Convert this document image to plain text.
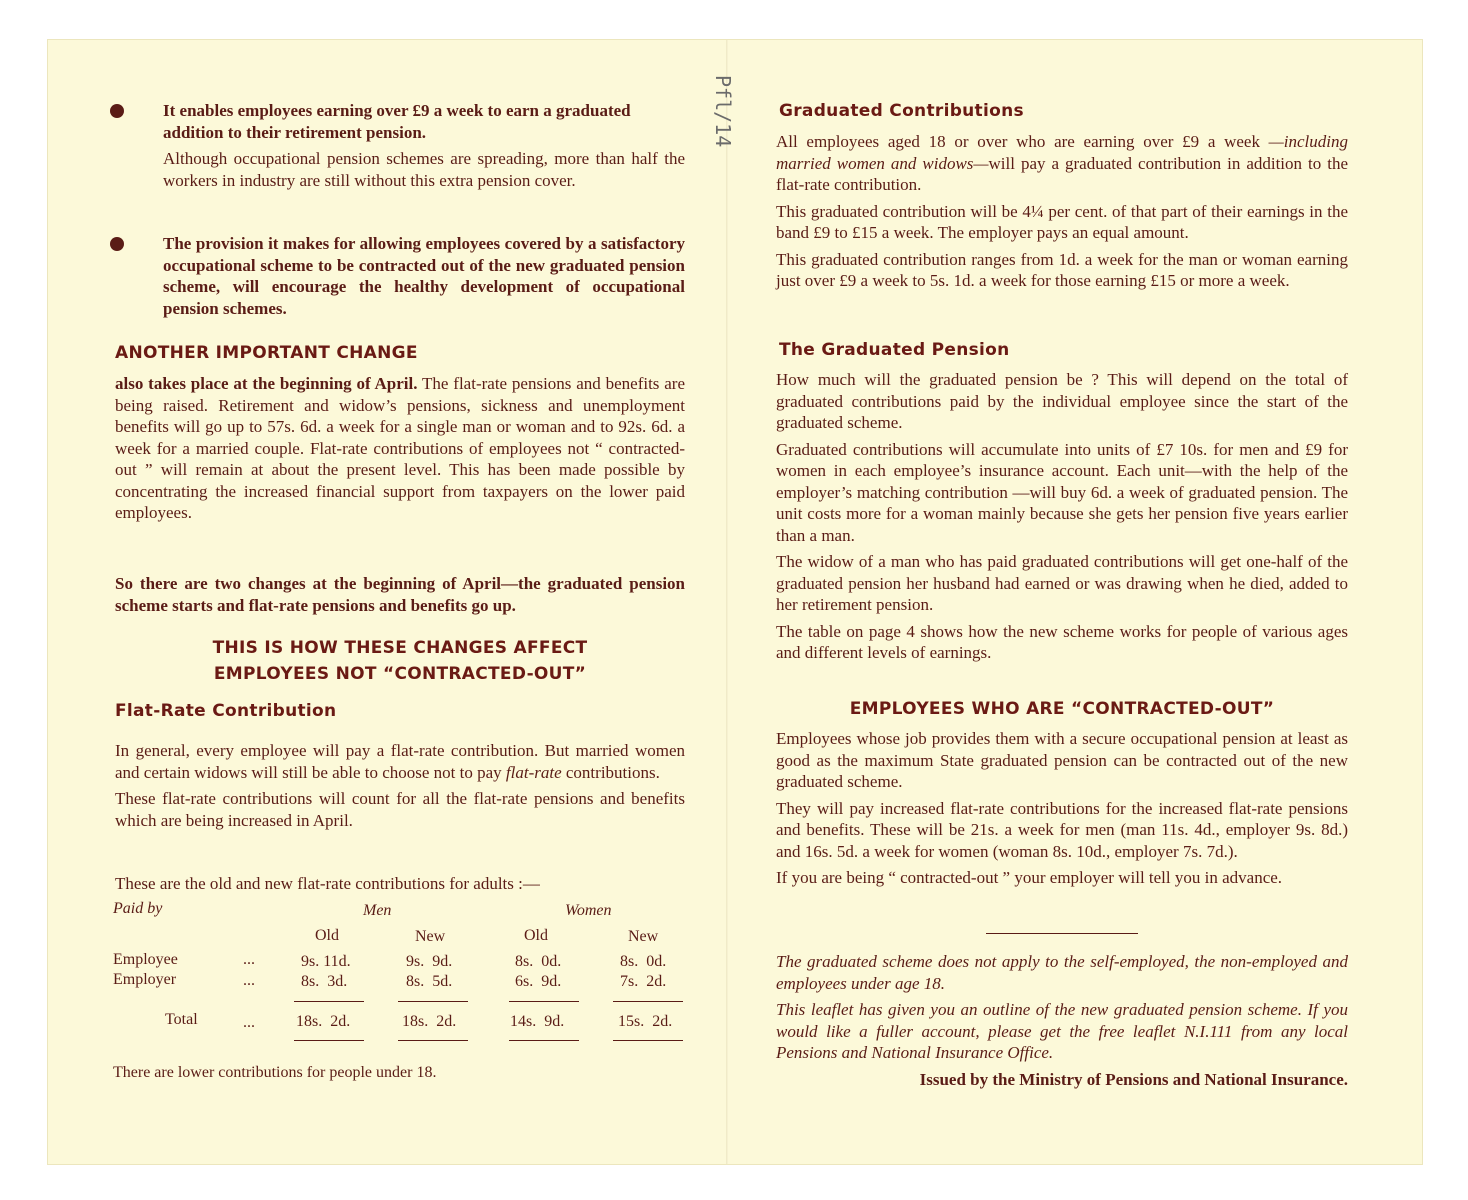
Pfl/14

It enables employees earning over £9 a week to earn a graduated addition to their retirement pension.

Although occupational pension schemes are spreading, more than half the workers in industry are still without this extra pension cover.

The provision it makes for allowing employees covered by a satisfactory occupational scheme to be contracted out of the new graduated pension scheme, will encourage the healthy development of occupational pension schemes.

ANOTHER IMPORTANT CHANGE

also takes place at the beginning of April. The flat-rate pensions and benefits are being raised. Retirement and widow’s pensions, sickness and unemployment benefits will go up to 57s. 6d. a week for a single man or woman and to 92s. 6d. a week for a married couple. Flat-rate contributions of employees not “ contracted-out ” will remain at about the present level. This has been made possible by concentrating the increased financial support from taxpayers on the lower paid employees.

So there are two changes at the beginning of April—the graduated pension scheme starts and flat-rate pensions and benefits go up.

THIS IS HOW THESE CHANGES AFFECT
EMPLOYEES NOT “CONTRACTED-OUT”
Flat-Rate Contribution

In general, every employee will pay a flat-rate contribution. But married women and certain widows will still be able to choose not to pay flat-rate contributions.

These flat-rate contributions will count for all the flat-rate pensions and benefits which are being increased in April.

These are the old and new flat-rate contributions for adults :—

Paid by	Men	Women
Old	New	Old	New
Employee	...	9s. 11d.	9s.  9d.	8s.  0d.	8s.  0d.
Employer	...	8s.  3d.	8s.  5d.	6s.  9d.	7s.  2d.
Total	...	18s.  2d.	18s.  2d.	14s.  9d.	15s.  2d.

There are lower contributions for people under 18.

Graduated Contributions

All employees aged 18 or over who are earning over £9 a week —including married women and widows—will pay a graduated contribution in addition to the flat-rate contribution.

This graduated contribution will be 4¼ per cent. of that part of their earnings in the band £9 to £15 a week. The employer pays an equal amount.

This graduated contribution ranges from 1d. a week for the man or woman earning just over £9 a week to 5s. 1d. a week for those earning £15 or more a week.

The Graduated Pension

How much will the graduated pension be ? This will depend on the total of graduated contributions paid by the individual employee since the start of the graduated scheme.

Graduated contributions will accumulate into units of £7 10s. for men and £9 for women in each employee’s insurance account. Each unit—with the help of the employer’s matching contribution —will buy 6d. a week of graduated pension. The unit costs more for a woman mainly because she gets her pension five years earlier than a man.

The widow of a man who has paid graduated contributions will get one-half of the graduated pension her husband had earned or was drawing when he died, added to her retirement pension.

The table on page 4 shows how the new scheme works for people of various ages and different levels of earnings.

EMPLOYEES WHO ARE “CONTRACTED-OUT”

Employees whose job provides them with a secure occupational pension at least as good as the maximum State graduated pension can be contracted out of the new graduated scheme.

They will pay increased flat-rate contributions for the increased flat-rate pensions and benefits. These will be 21s. a week for men (man 11s. 4d., employer 9s. 8d.) and 16s. 5d. a week for women (woman 8s. 10d., employer 7s. 7d.).

If you are being “ contracted-out ” your employer will tell you in advance.

The graduated scheme does not apply to the self-employed, the non-employed and employees under age 18.

This leaflet has given you an outline of the new graduated pension scheme. If you would like a fuller account, please get the free leaflet N.I.111 from any local Pensions and National Insurance Office.

Issued by the Ministry of Pensions and National Insurance.
